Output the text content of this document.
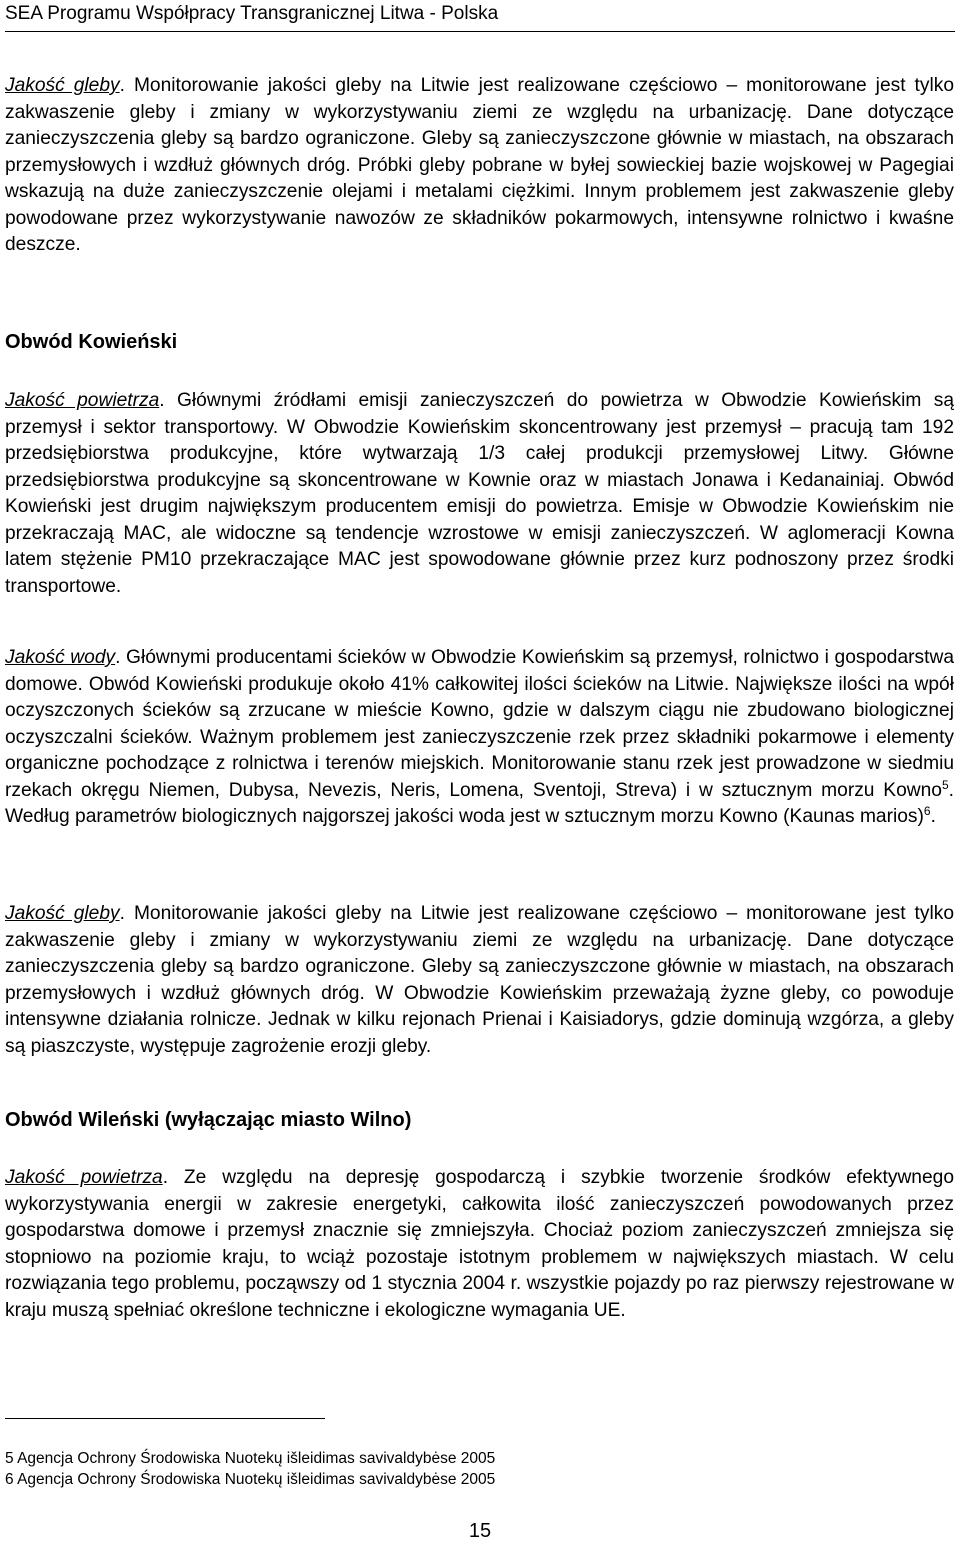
SEA Programu Współpracy Transgranicznej Litwa - Polska

Jakość gleby. Monitorowanie jakości gleby na Litwie jest realizowane częściowo – monitorowane jest tylko zakwaszenie gleby i zmiany w wykorzystywaniu ziemi ze względu na urbanizację. Dane dotyczące zanieczyszczenia gleby są bardzo ograniczone. Gleby są zanieczyszczone głównie w miastach, na obszarach przemysłowych i wzdłuż głównych dróg. Próbki gleby pobrane w byłej sowieckiej bazie wojskowej w Pagegiai wskazują na duże zanieczyszczenie olejami i metalami ciężkimi. Innym problemem jest zakwaszenie gleby powodowane przez wykorzystywanie nawozów ze składników pokarmowych, intensywne rolnictwo i kwaśne deszcze.

Obwód Kowieński

Jakość powietrza. Głównymi źródłami emisji zanieczyszczeń do powietrza w Obwodzie Kowieńskim są przemysł i sektor transportowy. W Obwodzie Kowieńskim skoncentrowany jest przemysł – pracują tam 192 przedsiębiorstwa produkcyjne, które wytwarzają 1/3 całej produkcji przemysłowej Litwy. Główne przedsiębiorstwa produkcyjne są skoncentrowane w Kownie oraz w miastach Jonawa i Kedanainiaj. Obwód Kowieński jest drugim największym producentem emisji do powietrza. Emisje w Obwodzie Kowieńskim nie przekraczają MAC, ale widoczne są tendencje wzrostowe w emisji zanieczyszczeń. W aglomeracji Kowna latem stężenie PM10 przekraczające MAC jest spowodowane głównie przez kurz podnoszony przez środki transportowe.

Jakość wody. Głównymi producentami ścieków w Obwodzie Kowieńskim są przemysł, rolnictwo i gospodarstwa domowe. Obwód Kowieński produkuje około 41% całkowitej ilości ścieków na Litwie. Największe ilości na wpół oczyszczonych ścieków są zrzucane w mieście Kowno, gdzie w dalszym ciągu nie zbudowano biologicznej oczyszczalni ścieków. Ważnym problemem jest zanieczyszczenie rzek przez składniki pokarmowe i elementy organiczne pochodzące z rolnictwa i terenów miejskich. Monitorowanie stanu rzek jest prowadzone w siedmiu rzekach okręgu Niemen, Dubysa, Nevezis, Neris, Lomena, Sventoji, Streva) i w sztucznym morzu Kowno$^5$. Według parametrów biologicznych najgorszej jakości woda jest w sztucznym morzu Kowno (Kaunas marios)$^6$.

Jakość gleby. Monitorowanie jakości gleby na Litwie jest realizowane częściowo – monitorowane jest tylko zakwaszenie gleby i zmiany w wykorzystywaniu ziemi ze względu na urbanizację. Dane dotyczące zanieczyszczenia gleby są bardzo ograniczone. Gleby są zanieczyszczone głównie w miastach, na obszarach przemysłowych i wzdłuż głównych dróg. W Obwodzie Kowieńskim przeważają żyzne gleby, co powoduje intensywne działania rolnicze. Jednak w kilku rejonach Prienai i Kaisiadorys, gdzie dominują wzgórza, a gleby są piaszczyste, występuje zagrożenie erozji gleby.

Obwód Wileński (wyłączając miasto Wilno)

Jakość powietrza. Ze względu na depresję gospodarczą i szybkie tworzenie środków efektywnego wykorzystywania energii w zakresie energetyki, całkowita ilość zanieczyszczeń powodowanych przez gospodarstwa domowe i przemysł znacznie się zmniejszyła. Chociaż poziom zanieczyszczeń zmniejsza się stopniowo na poziomie kraju, to wciąż pozostaje istotnym problemem w największych miastach. W celu rozwiązania tego problemu, począwszy od 1 stycznia 2004 r. wszystkie pojazdy po raz pierwszy rejestrowane w kraju muszą spełniać określone techniczne i ekologiczne wymagania UE.

5 Agencja Ochrony Środowiska Nuotekų išleidimas savivaldybėse 2005
6 Agencja Ochrony Środowiska Nuotekų išleidimas savivaldybėse 2005
15
